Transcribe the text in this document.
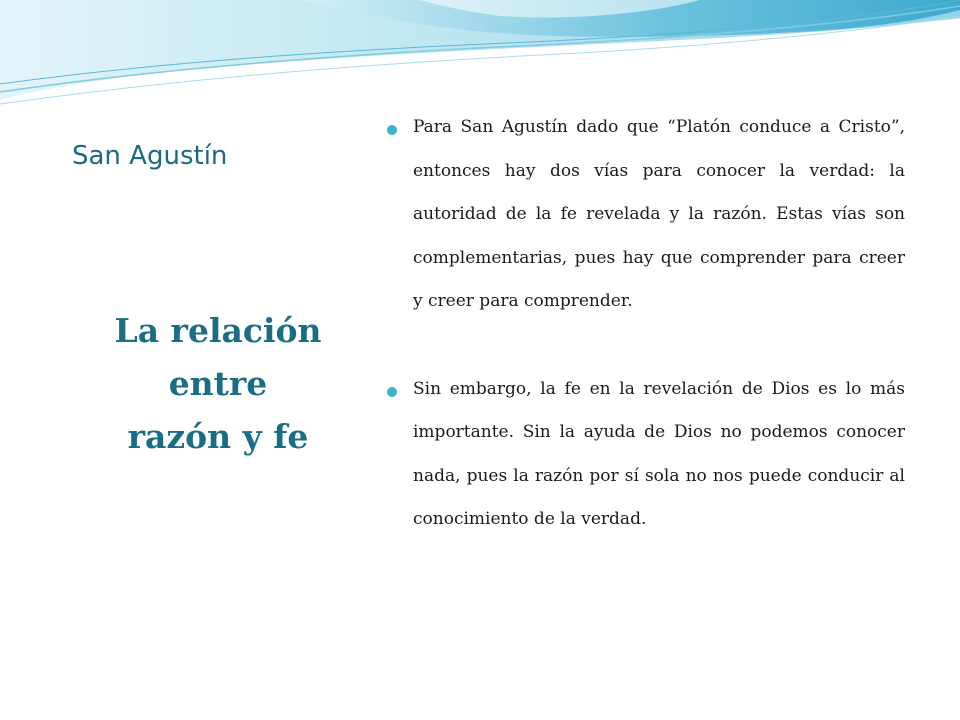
San Agustín
La relación
entre
razón y fe
Para San Agustín dado que “Platón conduce a Cristo”, entonces hay dos vías para conocer la verdad: la autoridad de la fe revelada y la razón. Estas vías son complementarias, pues hay que comprender para creer y creer para comprender.
Sin embargo, la fe en la revelación de Dios es lo más importante. Sin la ayuda de Dios no podemos conocer nada, pues la razón por sí sola no nos puede conducir al conocimiento de la verdad.
